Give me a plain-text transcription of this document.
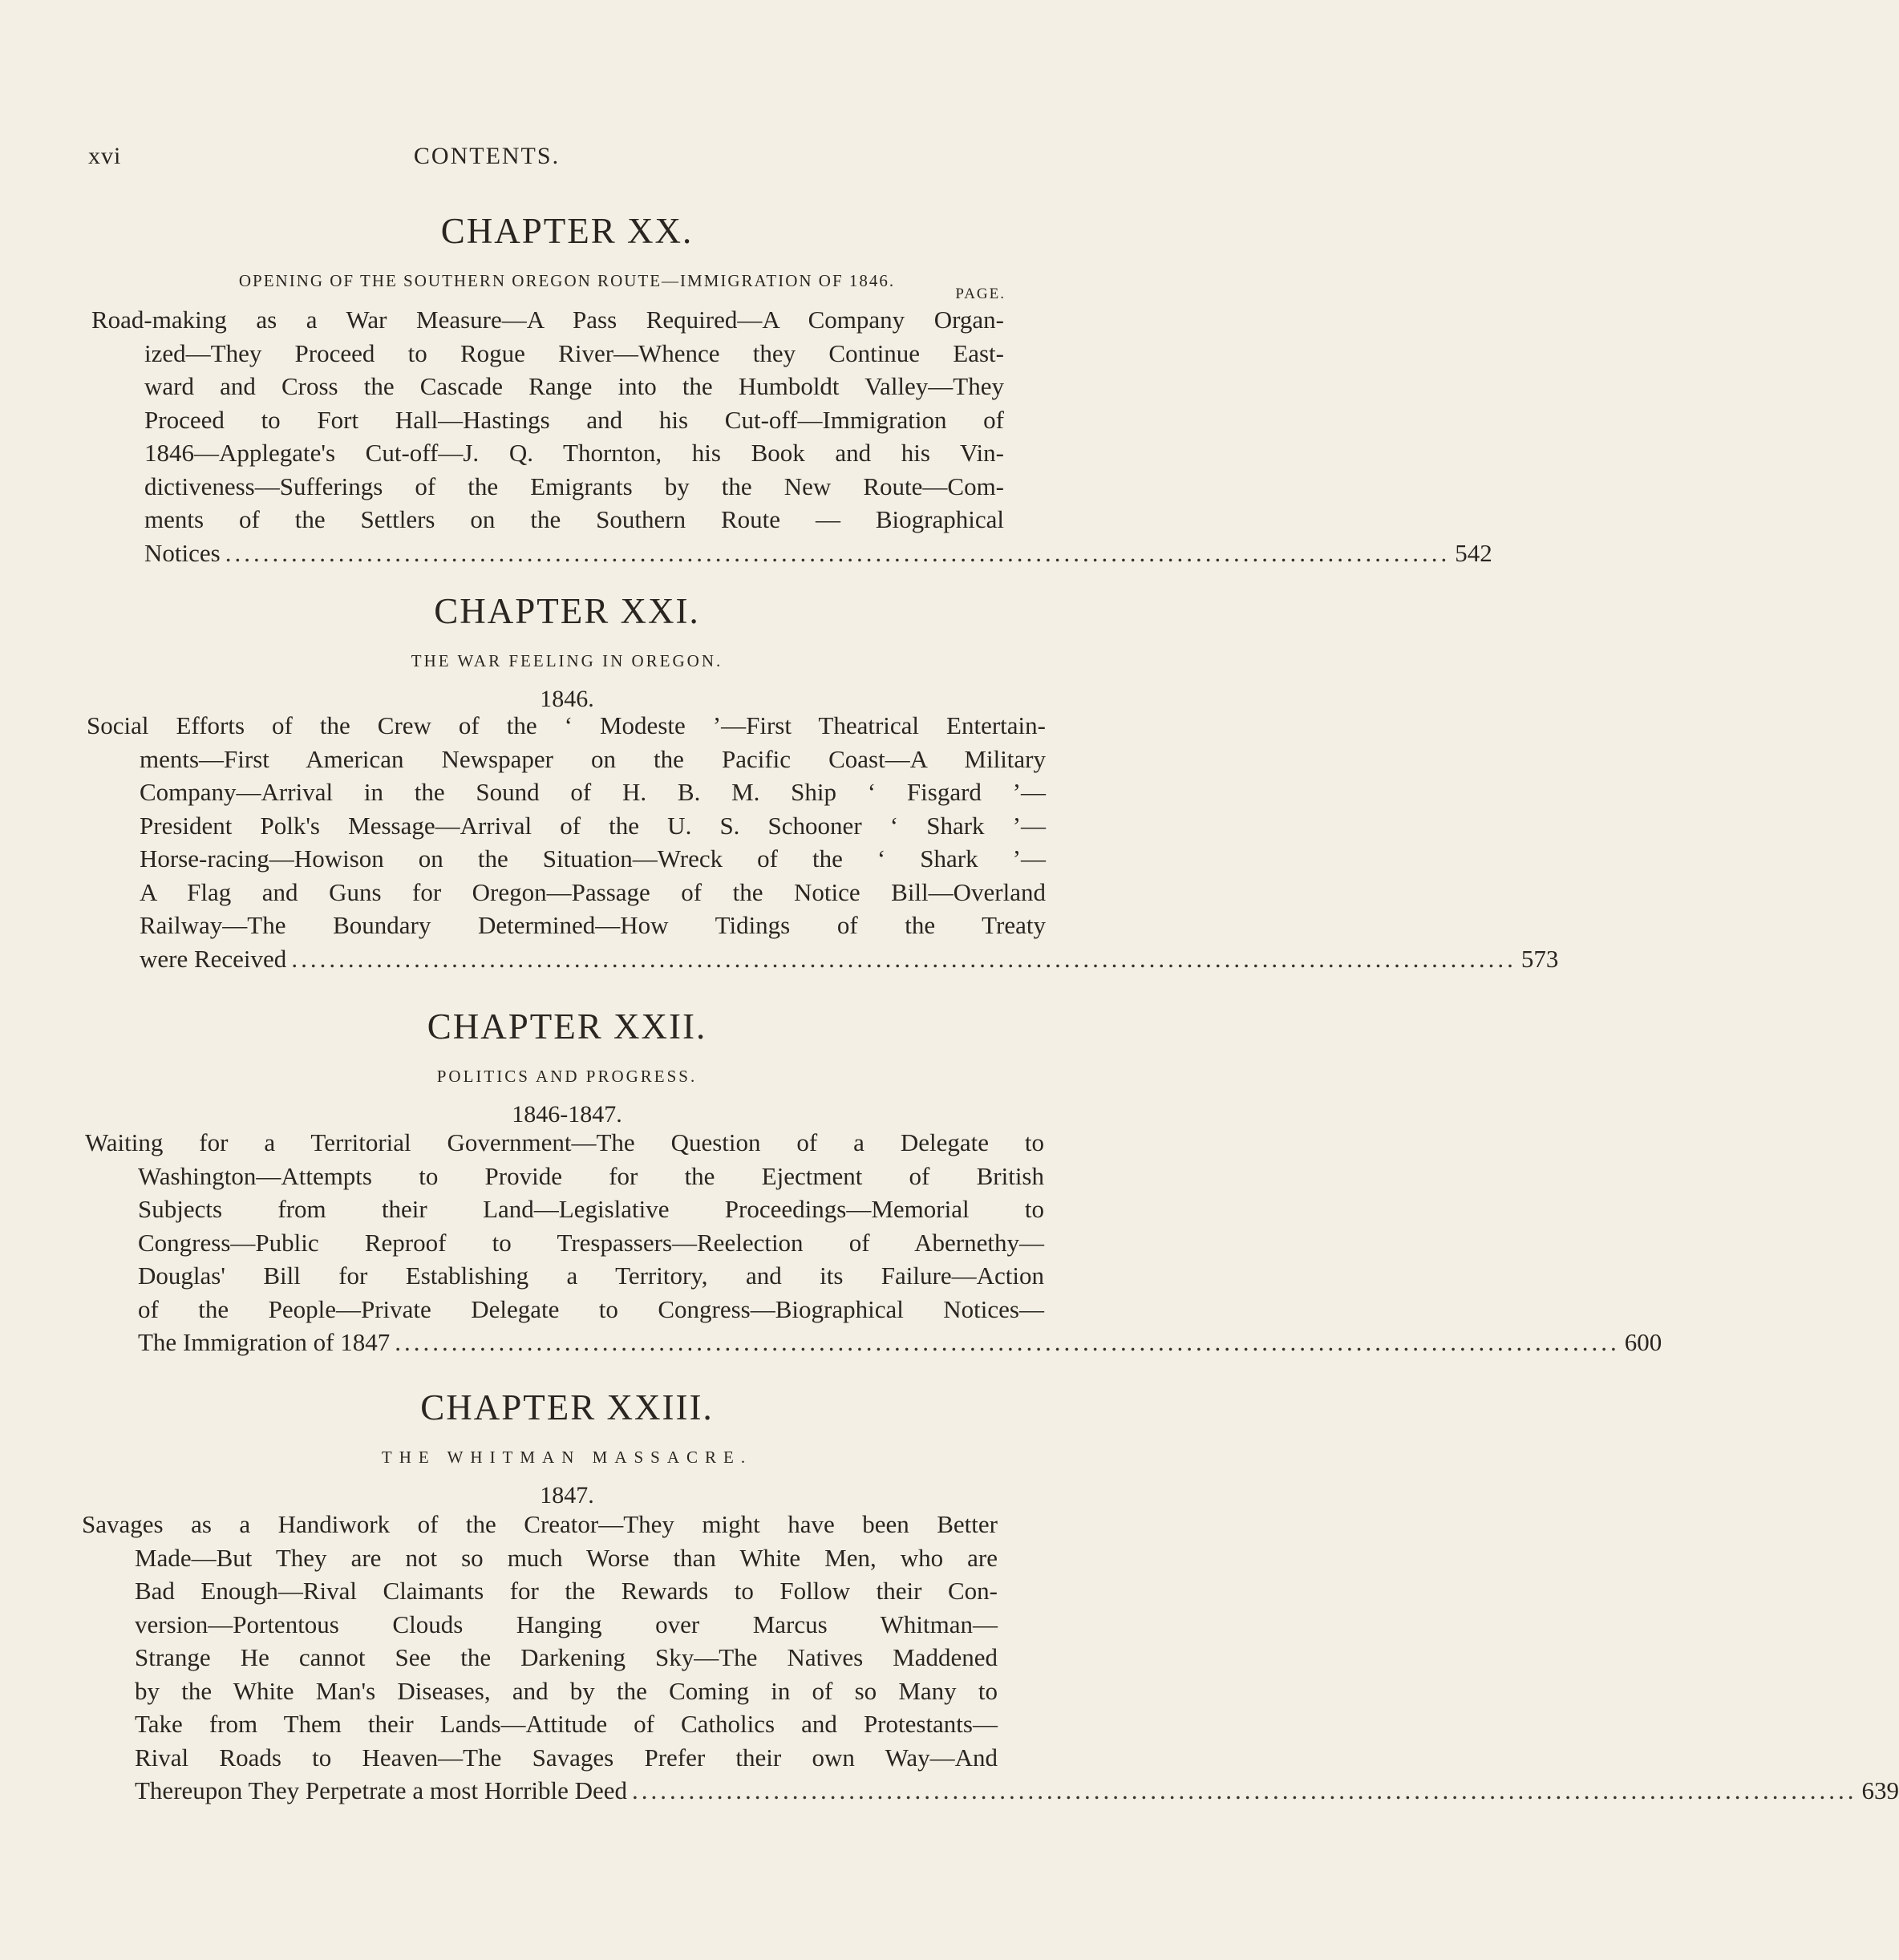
xvi	CONTENTS.
CHAPTER XX.
OPENING OF THE SOUTHERN OREGON ROUTE—IMMIGRATION OF 1846.
PAGE.
Road-making as a War Measure—A Pass Required—A Company Organ-
ized—They Proceed to Rogue River—Whence they Continue East-
ward and Cross the Cascade Range into the Humboldt Valley—They
Proceed to Fort Hall—Hastings and his Cut-off—Immigration of
1846—Applegate's Cut-off—J. Q. Thornton, his Book and his Vin-
dictiveness—Sufferings of the Emigrants by the New Route—Com-
ments of the Settlers on the Southern Route — Biographical
Notices .................................................................................................................................. 542
CHAPTER XXI.
THE WAR FEELING IN OREGON.
1846.
Social Efforts of the Crew of the ‘ Modeste ’—First Theatrical Entertain-
ments—First American Newspaper on the Pacific Coast—A Military
Company—Arrival in the Sound of H. B. M. Ship ‘ Fisgard ’—
President Polk's Message—Arrival of the U. S. Schooner ‘ Shark ’—
Horse-racing—Howison on the Situation—Wreck of the ‘ Shark ’—
A Flag and Guns for Oregon—Passage of the Notice Bill—Overland
Railway—The Boundary Determined—How Tidings of the Treaty
were Received .................................................................................................................................. 573
CHAPTER XXII.
POLITICS AND PROGRESS.
1846-1847.
Waiting for a Territorial Government—The Question of a Delegate to
Washington—Attempts to Provide for the Ejectment of British
Subjects from their Land—Legislative Proceedings—Memorial to
Congress—Public Reproof to Trespassers—Reelection of Abernethy—
Douglas' Bill for Establishing a Territory, and its Failure—Action
of the People—Private Delegate to Congress—Biographical Notices—
The Immigration of 1847 .................................................................................................................................. 600
CHAPTER XXIII.
THE WHITMAN MASSACRE.
1847.
Savages as a Handiwork of the Creator—They might have been Better
Made—But They are not so much Worse than White Men, who are
Bad Enough—Rival Claimants for the Rewards to Follow their Con-
version—Portentous Clouds Hanging over Marcus Whitman—
Strange He cannot See the Darkening Sky—The Natives Maddened
by the White Man's Diseases, and by the Coming in of so Many to
Take from Them their Lands—Attitude of Catholics and Protestants—
Rival Roads to Heaven—The Savages Prefer their own Way—And
Thereupon They Perpetrate a most Horrible Deed .................................................................................................................................. 639
